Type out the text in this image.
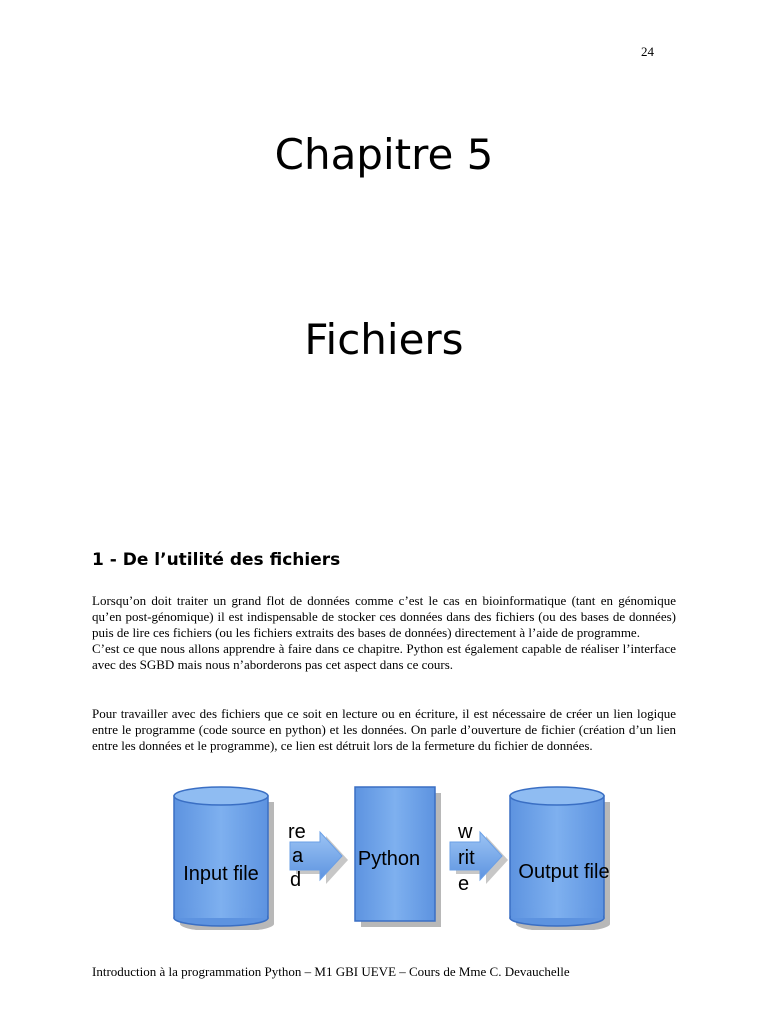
24
Chapitre 5
Fichiers
1 - De l’utilité des fichiers

Lorsqu’on doit traiter un grand flot de données comme c’est le cas en bioinformatique (tant en génomique qu’en post-génomique) il est indispensable de stocker ces données dans des fichiers (ou des bases de données) puis de lire ces fichiers (ou les fichiers extraits des bases de données) directement à l’aide de programme.

C’est ce que nous allons apprendre à faire dans ce chapitre. Python est également capable de réaliser l’interface avec des SGBD mais nous n’aborderons pas cet aspect dans ce cours.

Pour travailler avec des fichiers que ce soit en lecture ou en écriture, il est nécessaire de créer un lien logique entre le programme (code source en python) et les données. On parle d’ouverture de fichier (création d’un lien entre les données et le programme), ce lien est détruit lors de la fermeture du fichier de données.

Input file
re a d
Python
w rit e
Output file
Introduction à la programmation Python – M1 GBI UEVE – Cours de Mme C. Devauchelle
